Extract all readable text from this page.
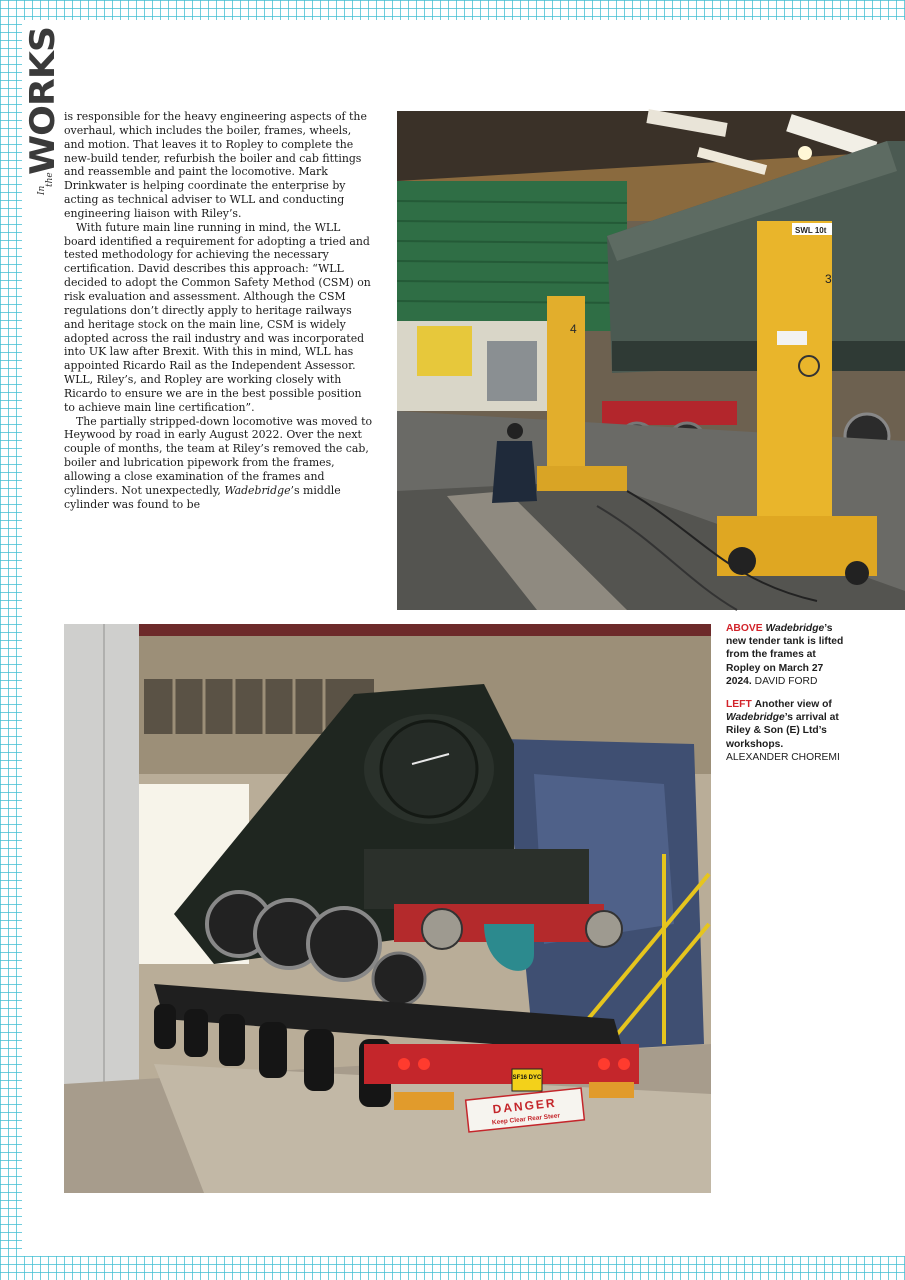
In
the
WORKS is responsible for the heavy engineering aspects of the overhaul, which includes the boiler, frames, wheels, and motion. That leaves it to Ropley to complete the new-build tender, refurbish the boiler and cab fittings and reassemble and paint the locomotive. Mark Drinkwater is helping coordinate the enterprise by acting as technical adviser to WLL and conducting engineering liaison with Riley’s.

With future main line running in mind, the WLL board identified a requirement for adopting a tried and tested methodology for achieving the necessary certification. David describes this approach: “WLL decided to adopt the Common Safety Method (CSM) on risk evaluation and assessment. Although the CSM regulations don’t directly apply to heritage railways and heritage stock on the main line, CSM is widely adopted across the rail industry and was incorporated into UK law after Brexit. With this in mind, WLL has appointed Ricardo Rail as the Independent Assessor. WLL, Riley’s, and Ropley are working closely with Ricardo to ensure we are in the best possible position to achieve main line certification”.

The partially stripped-down locomotive was moved to Heywood by road in early August 2022. Over the next couple of months, the team at Riley’s removed the cab, boiler and lubrication pipework from the frames, allowing a close examination of the frames and cylinders. Not unexpectedly, Wadebridge’s middle cylinder was found to be

4
SWL 10t
3
SF16 DYC
DANGER
Keep Clear Rear Steer

ABOVE Wadebridge’s new tender tank is lifted from the frames at Ropley on March 27 2024. DAVID FORD

LEFT Another view of Wadebridge’s arrival at Riley & Son (E) Ltd’s workshops. ALEXANDER CHOREMI
